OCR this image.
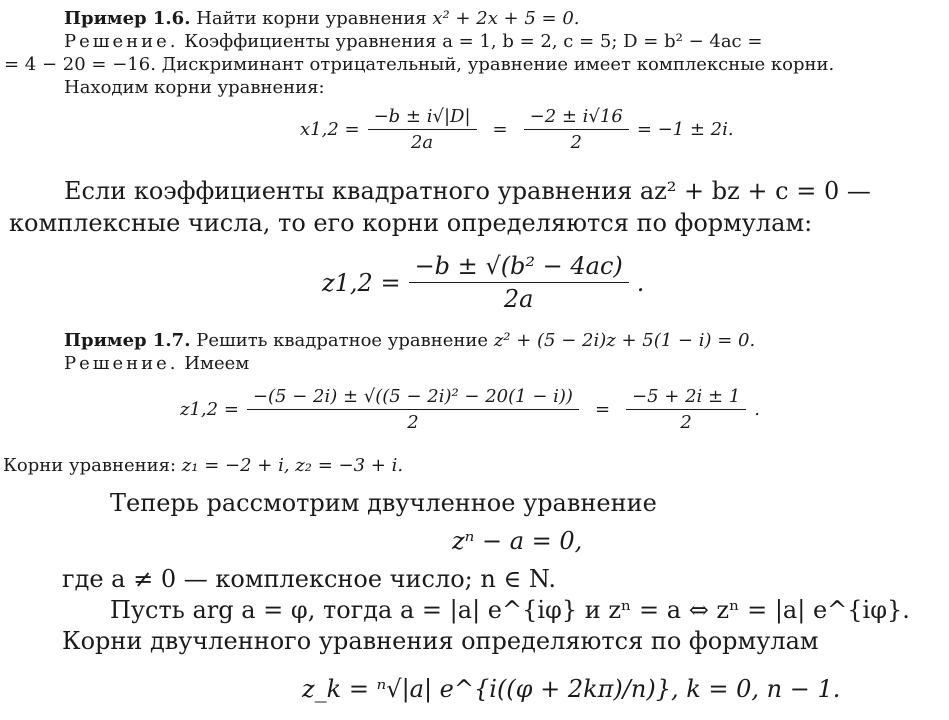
Пример 1.6. Найти корни уравнения x² + 2x + 5 = 0.
Решение. Коэффициенты уравнения a = 1, b = 2, c = 5; D = b² − 4ac =
= 4 − 20 = −16. Дискриминант отрицательный, уравнение имеет комплексные корни.
Находим корни уравнения:
$x1,2 = \frac{-b \pm i√|D|}{2a} = \frac{-2 \pm i√16}{2} = -1 \pm 2i$.
Если коэффициенты квадратного уравнения az² + bz + c = 0 —
комплексные числа, то его корни определяются по формулам:
$z1,2 = \frac{\text{−b ± √(b² − 4ac)}}{2a}$ .
Пример 1.7. Решить квадратное уравнение z² + (5 − 2i)z + 5(1 − i) = 0.
Решение. Имеем
$z1,2 = \frac{\text{−(5 − 2i) ± √((5 − 2i)² − 20(1 − i))}}{2} = \frac{-5 + 2i \pm 1}{2}$ .
Корни уравнения: z₁ = −2 + i, z₂ = −3 + i.
Теперь рассмотрим двучленное уравнение
zⁿ − a = 0,
где a ≠ 0 — комплексное число; n ∈ N.
Пусть arg a = φ, тогда a = |a| e^{iφ} и zⁿ = a ⇔ zⁿ = |a| e^{iφ}.
Корни двучленного уравнения определяются по формулам
z_k = ⁿ√|a| e^{i((φ + 2kπ)/n)}, k = 0, n − 1.
